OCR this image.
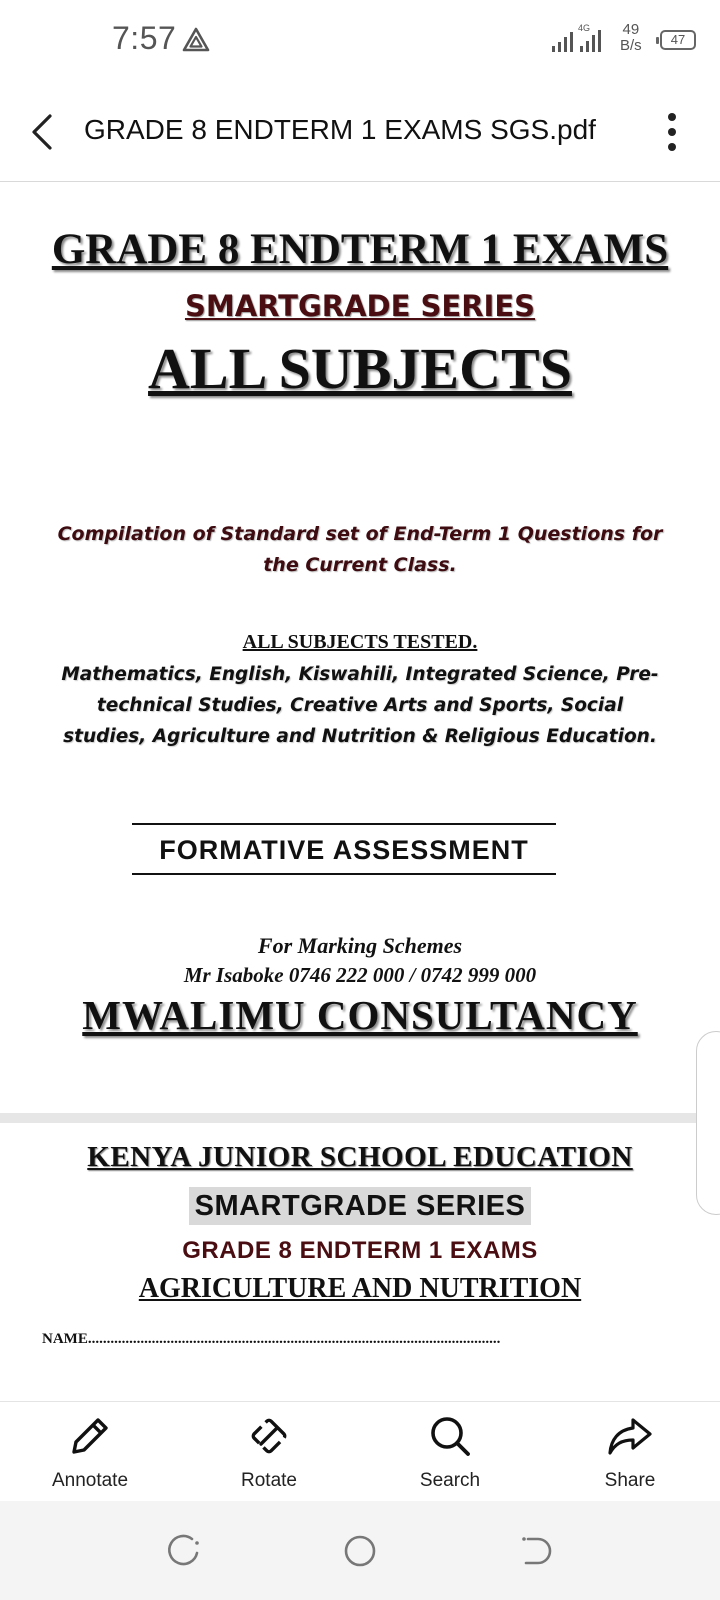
7:57	4G 49
B/s	47
GRADE 8 ENDTERM 1 EXAMS SGS.pdf
GRADE 8 ENDTERM 1 EXAMS
SMARTGRADE SERIES
ALL SUBJECTS
Compilation of Standard set of End-Term 1 Questions for the Current Class.
ALL SUBJECTS TESTED.
Mathematics, English, Kiswahili, Integrated Science, Pre-technical Studies, Creative Arts and Sports, Social studies, Agriculture and Nutrition & Religious Education.
FORMATIVE ASSESSMENT
For Marking Schemes
Mr Isaboke 0746 222 000 / 0742 999 000
MWALIMU CONSULTANCY
KENYA JUNIOR SCHOOL EDUCATION
SMARTGRADE SERIES
GRADE 8 ENDTERM 1 EXAMS
AGRICULTURE AND NUTRITION
NAME..............................................................................................................
Annotate	Rotate	Search	Share
